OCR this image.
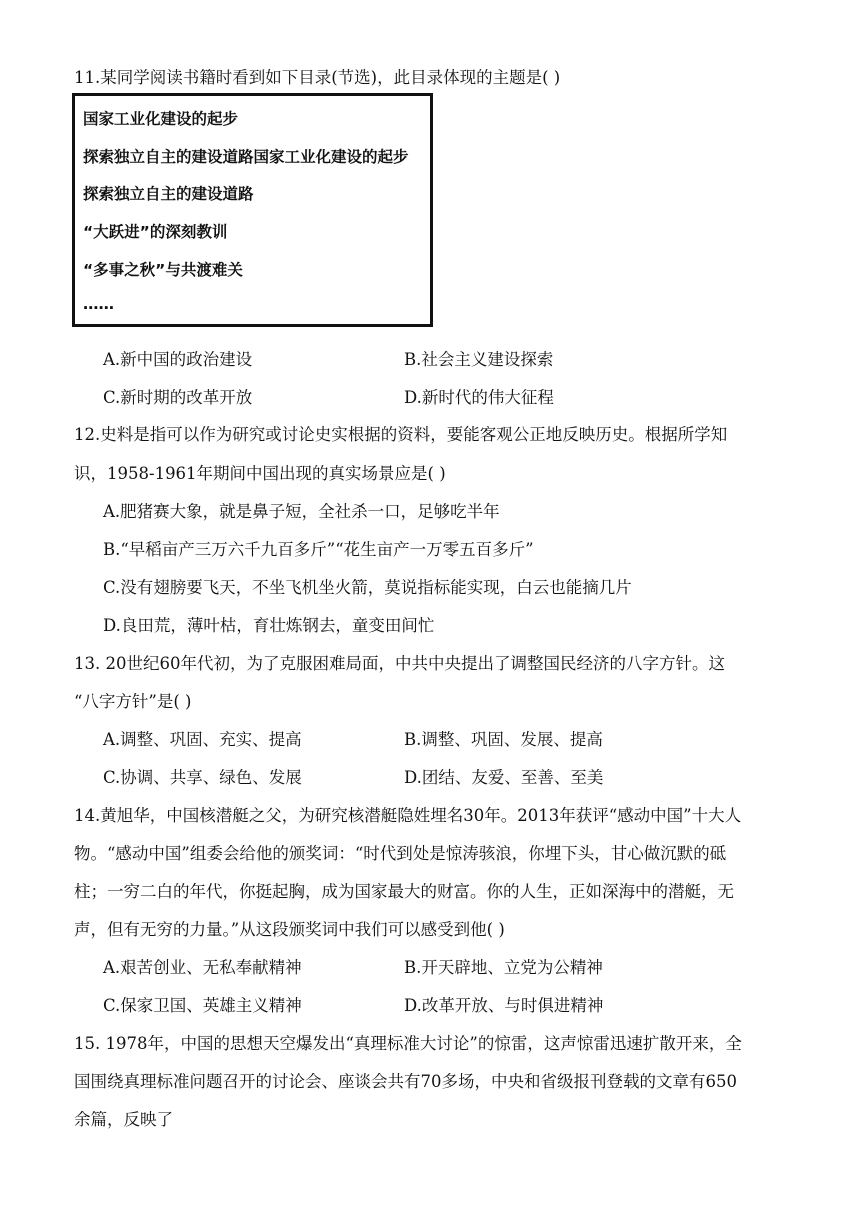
11.某同学阅读书籍时看到如下目录(节选)，此目录体现的主题是( )
国家工业化建设的起步
探索独立自主的建设道路国家工业化建设的起步
探索独立自主的建设道路
“大跃进”的深刻教训
“多事之秋”与共渡难关
……
A.新中国的政治建设	B.社会主义建设探索
C.新时期的改革开放	D.新时代的伟大征程
12.史料是指可以作为研究或讨论史实根据的资料，要能客观公正地反映历史。根据所学知
识，1958-1961年期间中国出现的真实场景应是( )
A.肥猪赛大象，就是鼻子短，全社杀一口，足够吃半年
B.“早稻亩产三万六千九百多斤”“花生亩产一万零五百多斤”
C.没有翅膀要飞天，不坐飞机坐火箭，莫说指标能实现，白云也能摘几片
D.良田荒，薄叶枯，育壮炼钢去，童变田间忙
13. 20世纪60年代初，为了克服困难局面，中共中央提出了调整国民经济的八字方针。这
“八字方针”是( )
A.调整、巩固、充实、提高	B.调整、巩固、发展、提高
C.协调、共享、绿色、发展	D.团结、友爱、至善、至美
14.黄旭华，中国核潜艇之父，为研究核潜艇隐姓埋名30年。2013年获评“感动中国”十大人
物。“感动中国”组委会给他的颁奖词：“时代到处是惊涛骇浪，你埋下头，甘心做沉默的砥
柱；一穷二白的年代，你挺起胸，成为国家最大的财富。你的人生，正如深海中的潜艇，无
声，但有无穷的力量。”从这段颁奖词中我们可以感受到他( )
A.艰苦创业、无私奉献精神	B.开天辟地、立党为公精神
C.保家卫国、英雄主义精神	D.改革开放、与时俱进精神
15. 1978年，中国的思想天空爆发出“真理标准大讨论”的惊雷，这声惊雷迅速扩散开来，全
国围绕真理标准问题召开的讨论会、座谈会共有70多场，中央和省级报刊登载的文章有650
余篇，反映了
